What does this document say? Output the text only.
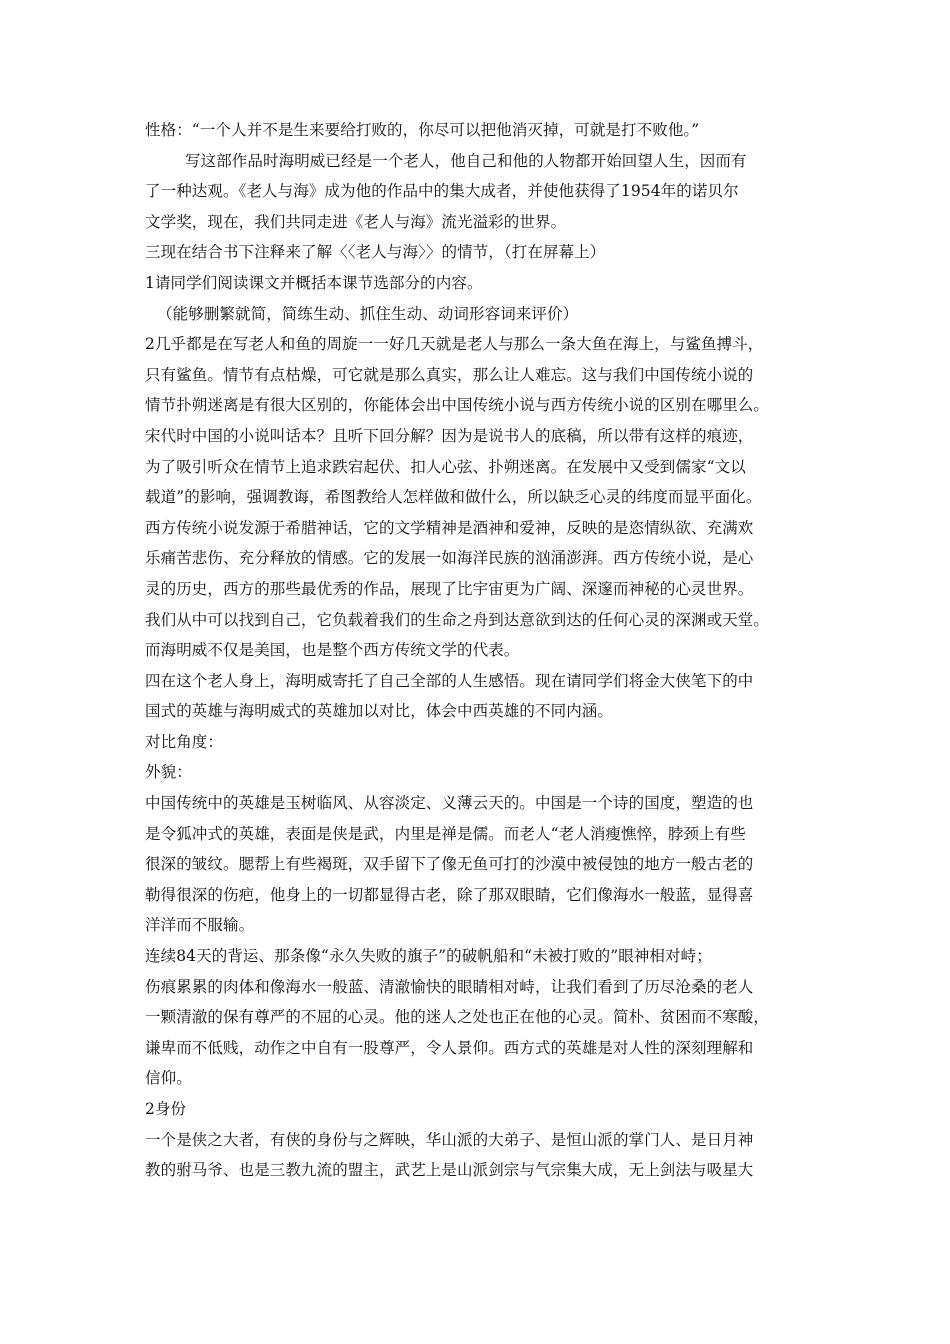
性格：“一个人并不是生来要给打败的，你尽可以把他消灭掉，可就是打不败他。”
写这部作品时海明威已经是一个老人，他自己和他的人物都开始回望人生，因而有
了一种达观。《老人与海》成为他的作品中的集大成者，并使他获得了1954年的诺贝尔
文学奖，现在，我们共同走进《老人与海》流光溢彩的世界。
三现在结合书下注释来了解〈〈老人与海〉〉的情节，（打在屏幕上）
1请同学们阅读课文并概括本课节选部分的内容。
（能够删繁就简，简练生动、抓住生动、动词形容词来评价）
2几乎都是在写老人和鱼的周旋一一好几天就是老人与那么一条大鱼在海上，与鲨鱼搏斗，
只有鲨鱼。情节有点枯燥，可它就是那么真实，那么让人难忘。这与我们中国传统小说的
情节扑朔迷离是有很大区别的，你能体会出中国传统小说与西方传统小说的区别在哪里么。
宋代时中国的小说叫话本？且听下回分解？因为是说书人的底稿，所以带有这样的痕迹，
为了吸引听众在情节上追求跌宕起伏、扣人心弦、扑朔迷离。在发展中又受到儒家“文以
载道”的影响，强调教诲，希图教给人怎样做和做什么，所以缺乏心灵的纬度而显平面化。
西方传统小说发源于希腊神话，它的文学精神是酒神和爱神，反映的是恣情纵欲、充满欢
乐痛苦悲伤、充分释放的情感。它的发展一如海洋民族的汹涌澎湃。西方传统小说，是心
灵的历史，西方的那些最优秀的作品，展现了比宇宙更为广阔、深邃而神秘的心灵世界。
我们从中可以找到自己，它负载着我们的生命之舟到达意欲到达的任何心灵的深渊或天堂。
而海明威不仅是美国，也是整个西方传统文学的代表。
四在这个老人身上，海明威寄托了自己全部的人生感悟。现在请同学们将金大侠笔下的中
国式的英雄与海明威式的英雄加以对比，体会中西英雄的不同内涵。
对比角度：
外貌：
中国传统中的英雄是玉树临风、从容淡定、义薄云天的。中国是一个诗的国度，塑造的也
是令狐冲式的英雄，表面是侠是武，内里是禅是儒。而老人“老人消瘦憔悴，脖颈上有些
很深的皱纹。腮帮上有些褐斑，双手留下了像无鱼可打的沙漠中被侵蚀的地方一般古老的
勒得很深的伤疤，他身上的一切都显得古老，除了那双眼睛，它们像海水一般蓝，显得喜
洋洋而不服输。
连续84天的背运、那条像“永久失败的旗子”的破帆船和“未被打败的”眼神相对峙；
伤痕累累的肉体和像海水一般蓝、清澈愉快的眼睛相对峙，让我们看到了历尽沧桑的老人
一颗清澈的保有尊严的不屈的心灵。他的迷人之处也正在他的心灵。简朴、贫困而不寒酸，
谦卑而不低贱，动作之中自有一股尊严，令人景仰。西方式的英雄是对人性的深刻理解和
信仰。
2身份
一个是侠之大者，有侠的身份与之辉映，华山派的大弟子、是恒山派的掌门人、是日月神
教的驸马爷、也是三教九流的盟主，武艺上是山派剑宗与气宗集大成，无上剑法与吸星大
